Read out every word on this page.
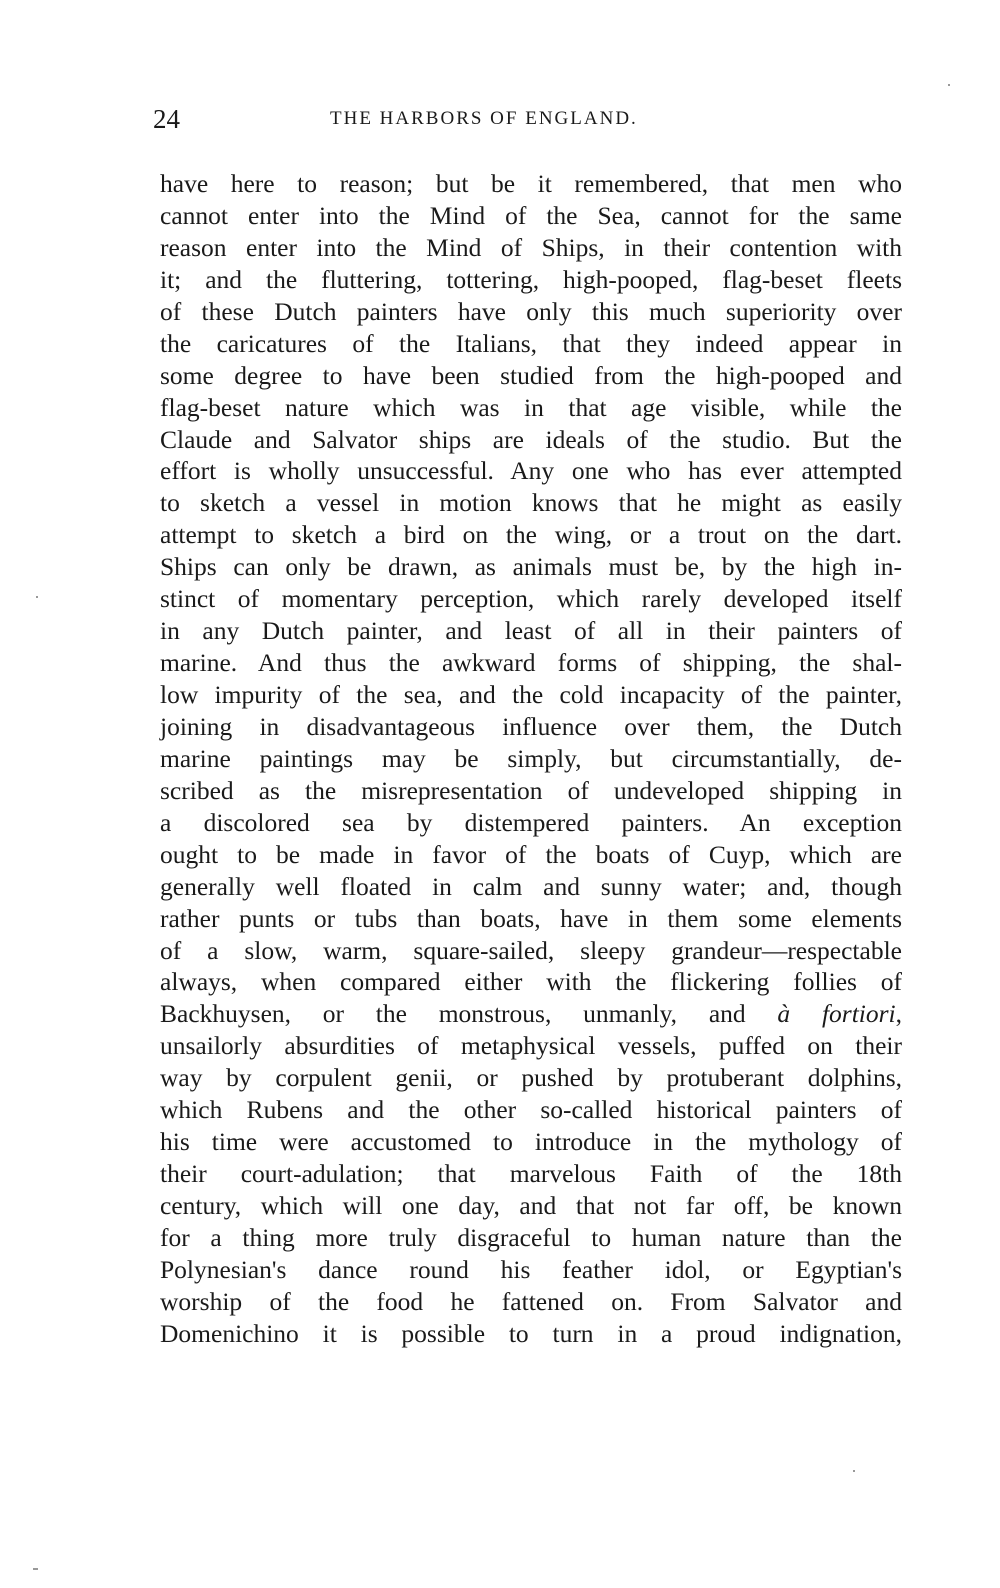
24	THE HARBORS OF ENGLAND.
have here to reason; but be it remembered, that men who
cannot enter into the Mind of the Sea, cannot for the same
reason enter into the Mind of Ships, in their contention with
it; and the fluttering, tottering, high-pooped, flag-beset fleets
of these Dutch painters have only this much superiority over
the caricatures of the Italians, that they indeed appear in
some degree to have been studied from the high-pooped and
flag-beset nature which was in that age visible, while the
Claude and Salvator ships are ideals of the studio. But the
effort is wholly unsuccessful. Any one who has ever attempted
to sketch a vessel in motion knows that he might as easily
attempt to sketch a bird on the wing, or a trout on the dart.
Ships can only be drawn, as animals must be, by the high in-
stinct of momentary perception, which rarely developed itself
in any Dutch painter, and least of all in their painters of
marine. And thus the awkward forms of shipping, the shal-
low impurity of the sea, and the cold incapacity of the painter,
joining in disadvantageous influence over them, the Dutch
marine paintings may be simply, but circumstantially, de-
scribed as the misrepresentation of undeveloped shipping in
a discolored sea by distempered painters. An exception
ought to be made in favor of the boats of Cuyp, which are
generally well floated in calm and sunny water; and, though
rather punts or tubs than boats, have in them some elements
of a slow, warm, square-sailed, sleepy grandeur—respectable
always, when compared either with the flickering follies of
Backhuysen, or the monstrous, unmanly, and à fortiori,
unsailorly absurdities of metaphysical vessels, puffed on their
way by corpulent genii, or pushed by protuberant dolphins,
which Rubens and the other so-called historical painters of
his time were accustomed to introduce in the mythology of
their court-adulation; that marvelous Faith of the 18th
century, which will one day, and that not far off, be known
for a thing more truly disgraceful to human nature than the
Polynesian's dance round his feather idol, or Egyptian's
worship of the food he fattened on. From Salvator and
Domenichino it is possible to turn in a proud indignation,
